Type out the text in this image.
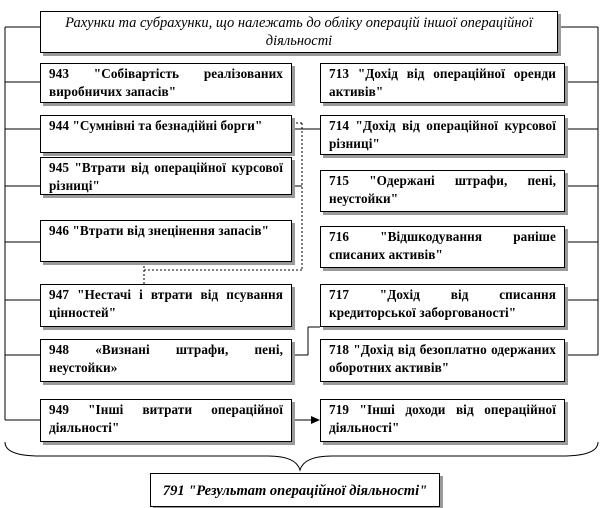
Рахунки та субрахунки, що належать до обліку операцій іншої операційної діяльності
943 "Собівартість реалізованих виробничих запасів"
944 "Сумнівні та безнадійні борги"
945 "Втрати від операційної курсової різниці"
946 "Втрати від знецінення запасів"
947 "Нестачі і втрати від псування цінностей"
948 «Визнані штрафи, пені, неустойки»
949 "Інші витрати операційної діяльності"
713 "Дохід від операційної оренди активів"
714 "Дохід від операційної курсової різниці"
715 "Одержані штрафи, пені, неустойки"
716 "Відшкодування раніше списаних активів"
717 "Дохід від списання кредиторської заборгованості"
718 "Дохід від безоплатно одержаних оборотних активів"
719 "Інші доходи від операційної діяльності"
791 "Результат операційної діяльності"
